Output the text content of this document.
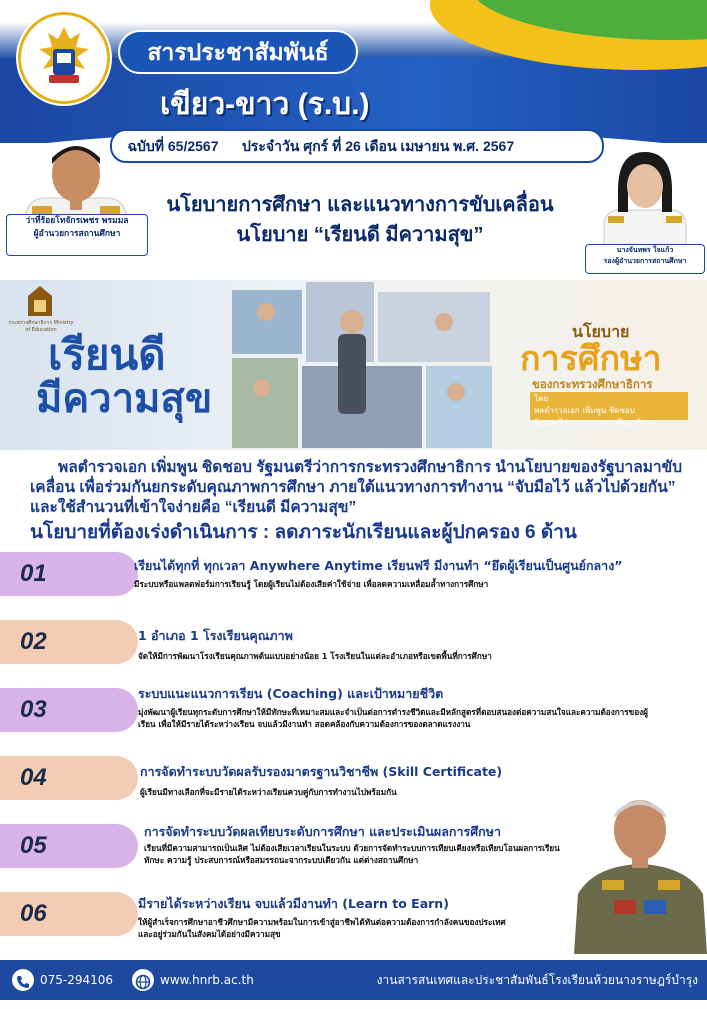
สารประชาสัมพันธ์
เขียว-ขาว (ร.บ.)
ฉบับที่ 65/2567	ประจำวัน ศุกร์ ที่ 26 เดือน เมษายน พ.ศ. 2567
ว่าที่ร้อยโทจักรเพชร พรมมล
ผู้อำนวยการสถานศึกษา
นางจันทพร ใจแก้ว
รองผู้อำนวยการสถานศึกษา
นโยบายการศึกษา และแนวทางการขับเคลื่อน นโยบาย “เรียนดี มีความสุข”
กระทรวงศึกษาธิการ Ministry of Education
เรียนดี
มีความสุข
นโยบาย
การศึกษา
ของกระทรวงศึกษาธิการ
โดย
พลตำรวจเอก เพิ่มพูน ชิดชอบ
รัฐมนตรีว่าการกระทรวงศึกษาธิการ

พลตำรวจเอก เพิ่มพูน ชิดชอบ รัฐมนตรีว่าการกระทรวงศึกษาธิการ นำนโยบายของรัฐบาลมาขับเคลื่อน เพื่อร่วมกันยกระดับคุณภาพการศึกษา ภายใต้แนวทางการทำงาน “จับมือไว้ แล้วไปด้วยกัน” และใช้สำนวนที่เข้าใจง่ายคือ “เรียนดี มีความสุข”

นโยบายที่ต้องเร่งดำเนินการ : ลดภาระนักเรียนและผู้ปกครอง 6 ด้าน
01	เรียนได้ทุกที่ ทุกเวลา Anywhere Anytime เรียนฟรี มีงานทำ “ยึดผู้เรียนเป็นศูนย์กลาง”
มีระบบหรือแพลตฟอร์มการเรียนรู้ โดยผู้เรียนไม่ต้องเสียค่าใช้จ่าย เพื่อลดความเหลื่อมล้ำทางการศึกษา
02	1 อำเภอ 1 โรงเรียนคุณภาพ
จัดให้มีการพัฒนาโรงเรียนคุณภาพต้นแบบอย่างน้อย 1 โรงเรียนในแต่ละอำเภอหรือเขตพื้นที่การศึกษา
03
ระบบแนะแนวการเรียน (Coaching) และเป้าหมายชีวิต
มุ่งพัฒนาผู้เรียนทุกระดับการศึกษาให้มีทักษะที่เหมาะสมและจำเป็นต่อการดำรงชีวิตและมีหลักสูตรที่ตอบสนองต่อความสนใจและความต้องการของผู้เรียน เพื่อให้มีรายได้ระหว่างเรียน จบแล้วมีงานทำ สอดคล้องกับความต้องการของตลาดแรงงาน
04	การจัดทำระบบวัดผลรับรองมาตรฐานวิชาชีพ (Skill Certificate)
ผู้เรียนมีทางเลือกที่จะมีรายได้ระหว่างเรียนควบคู่กับการทำงานไปพร้อมกัน
05
การจัดทำระบบวัดผลเทียบระดับการศึกษา และประเมินผลการศึกษา
เรียนที่มีความสามารถเป็นเลิศ ไม่ต้องเสียเวลาเรียนในระบบ ด้วยการจัดทำระบบการเทียบเคียงหรือเทียบโอนผลการเรียน ทักษะ ความรู้ ประสบการณ์หรือสมรรถนะจากระบบเดียวกัน แต่ต่างสถานศึกษา
06	มีรายได้ระหว่างเรียน จบแล้วมีงานทำ (Learn to Earn)
ให้ผู้สำเร็จการศึกษาอาชีวศึกษามีความพร้อมในการเข้าสู่อาชีพได้ทันต่อความต้องการกำลังคนของประเทศ และอยู่ร่วมกันในสังคมได้อย่างมีความสุข
075-294106	www.hnrb.ac.th	งานสารสนเทศและประชาสัมพันธ์โรงเรียนห้วยนางราษฎร์บำรุง
